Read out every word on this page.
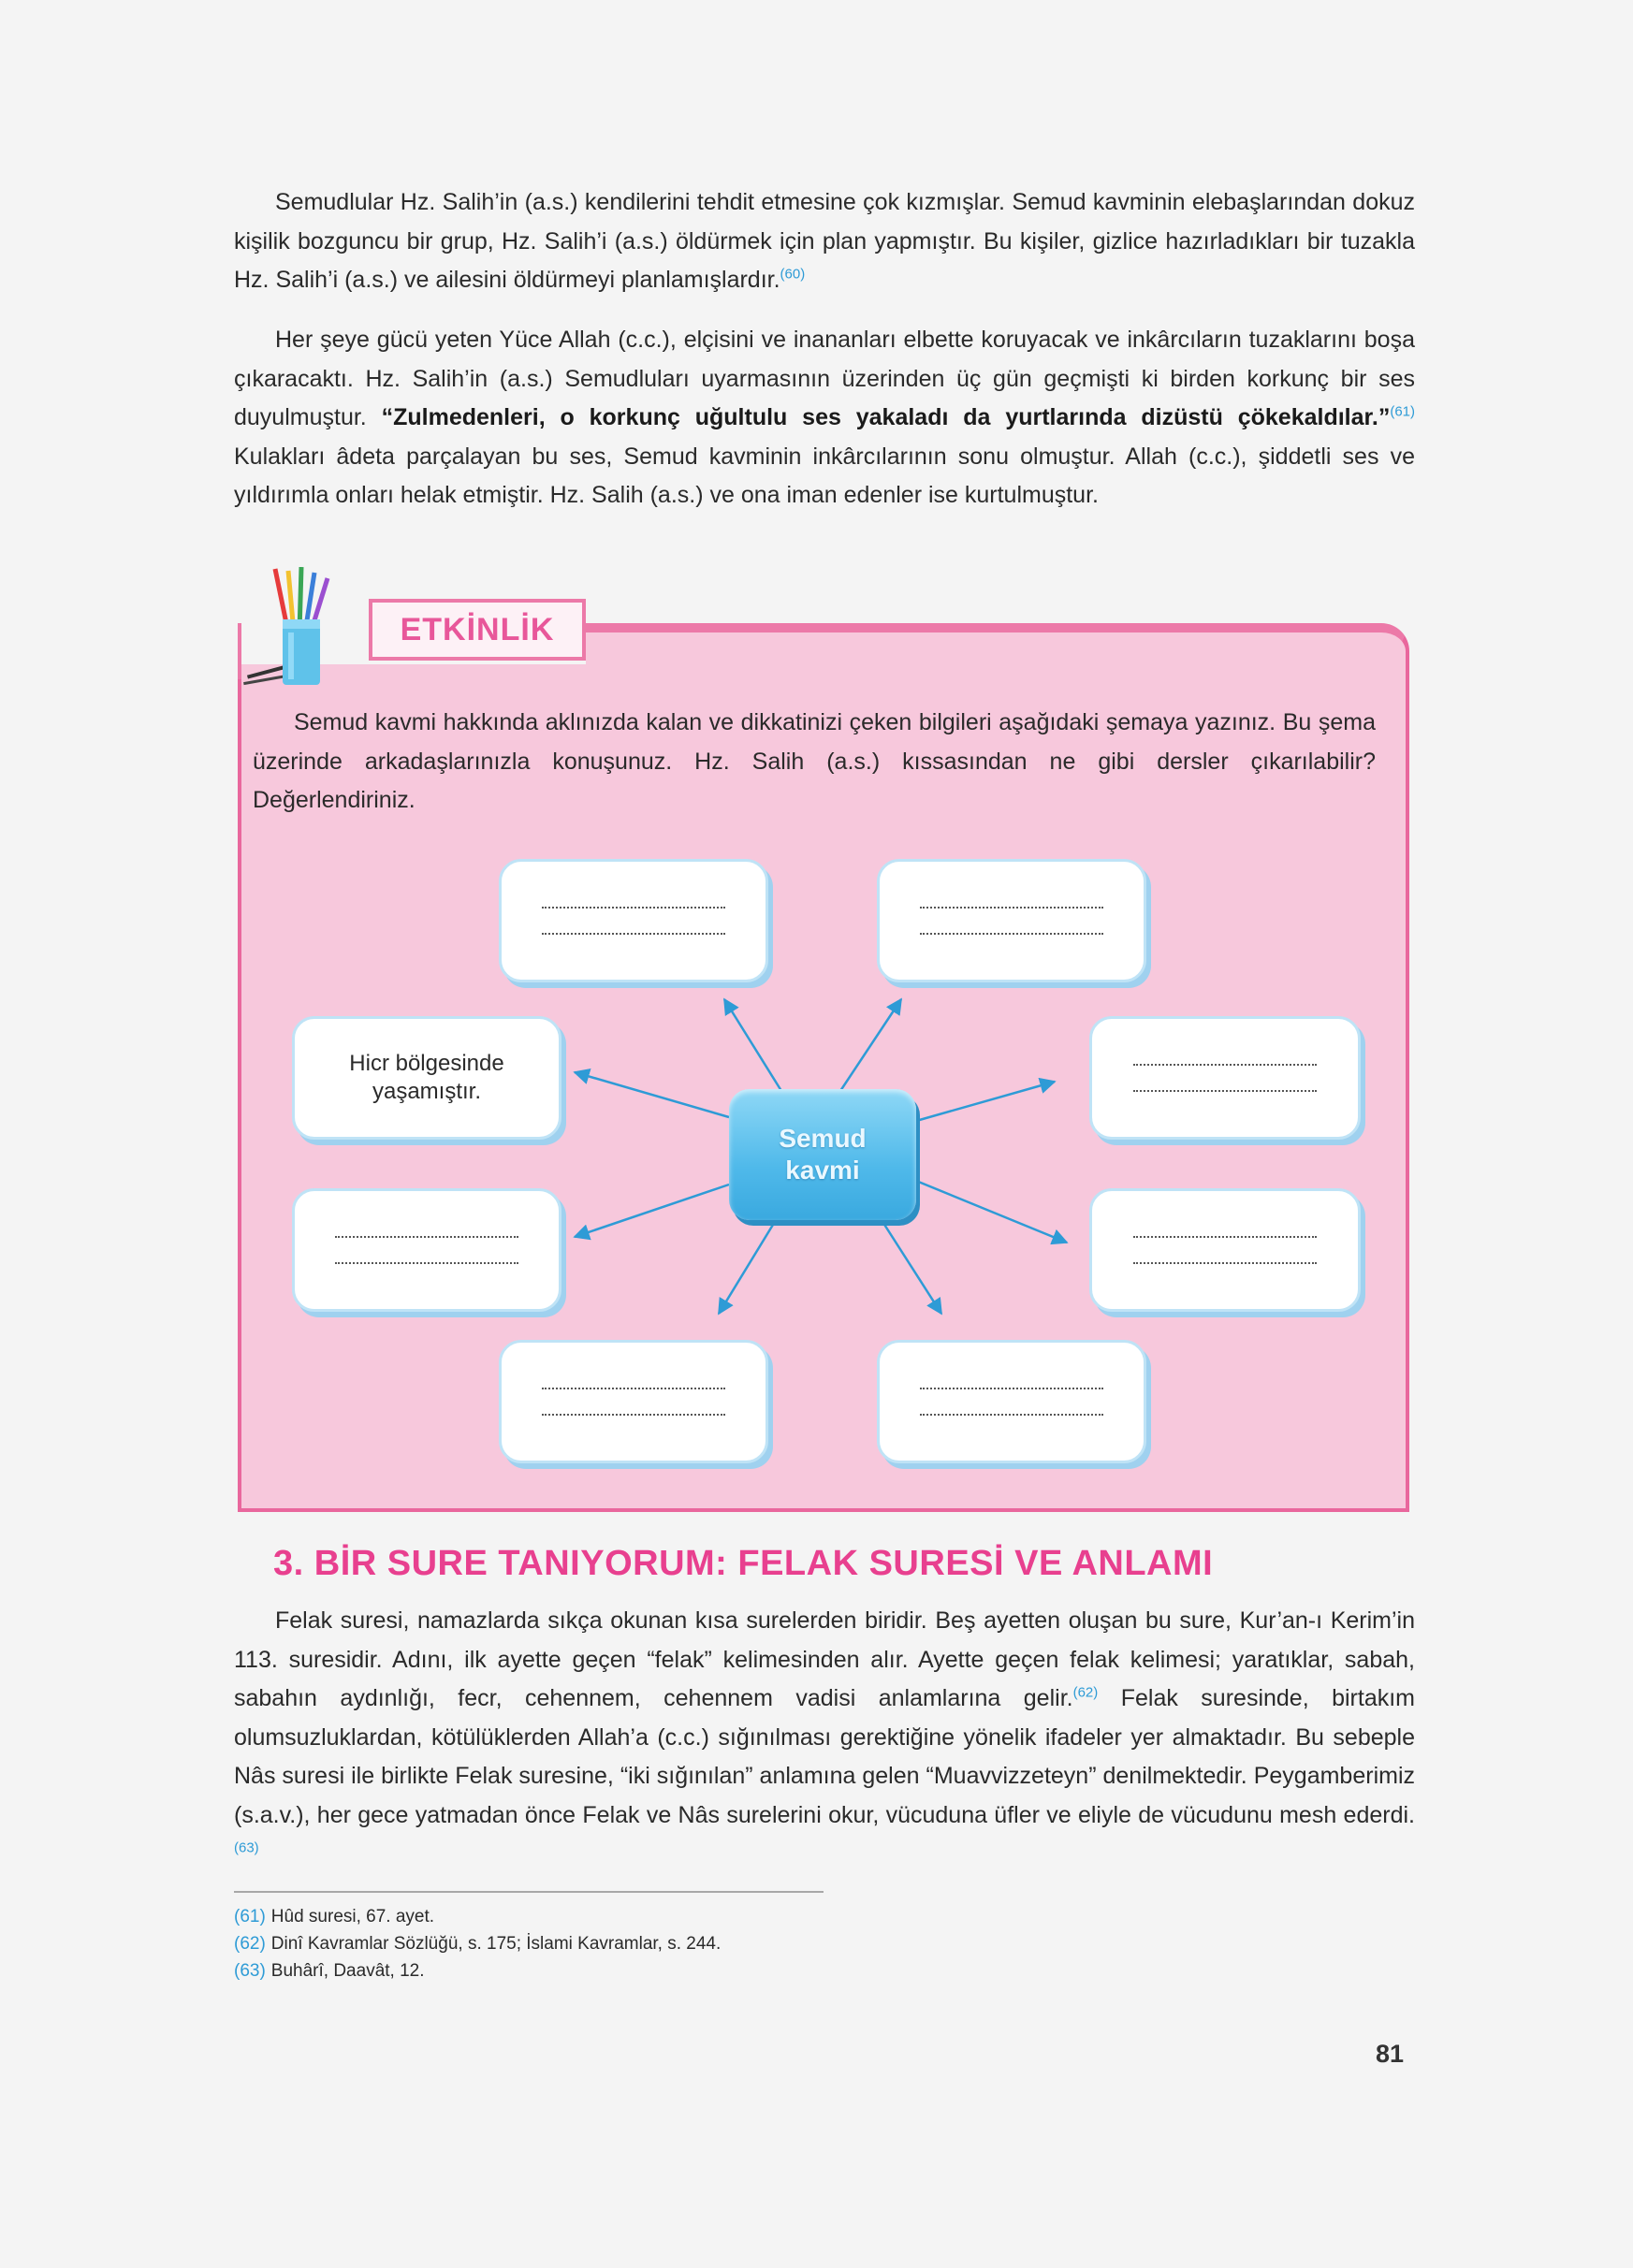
Semudlular Hz. Salih’in (a.s.) kendilerini tehdit etmesine çok kızmışlar. Semud kavminin elebaşlarından dokuz kişilik bozguncu bir grup, Hz. Salih’i (a.s.) öldürmek için plan yapmıştır. Bu kişiler, gizlice hazırladıkları bir tuzakla Hz. Salih’i (a.s.) ve ailesini öldürmeyi planlamışlardır.$^{(60)}$

Her şeye gücü yeten Yüce Allah (c.c.), elçisini ve inananları elbette koruyacak ve inkârcıların tuzaklarını boşa çıkaracaktı. Hz. Salih’in (a.s.) Semudluları uyarmasının üzerinden üç gün geçmişti ki birden korkunç bir ses duyulmuştur. “Zulmedenleri, o korkunç uğultulu ses yakaladı da yurtlarında dizüstü çökekaldılar.”$^{(61)}$ Kulakları âdeta parçalayan bu ses, Semud kavminin inkârcılarının sonu olmuştur. Allah (c.c.), şiddetli ses ve yıldırımla onları helak etmiştir. Hz. Salih (a.s.) ve ona iman edenler ise kurtulmuştur.

ETKİNLİK

Semud kavmi hakkında aklınızda kalan ve dikkatinizi çeken bilgileri aşağıdaki şemaya yazınız. Bu şema üzerinde arkadaşlarınızla konuşunuz. Hz. Salih (a.s.) kıssasından ne gibi dersler çıkarılabilir? Değerlendiriniz.

Hicr bölgesinde
yaşamıştır.
Semud
kavmi
3. BİR SURE TANIYORUM: FELAK SURESİ VE ANLAMI

Felak suresi, namazlarda sıkça okunan kısa surelerden biridir. Beş ayetten oluşan bu sure, Kur’an-ı Kerim’in 113. suresidir. Adını, ilk ayette geçen “felak” kelimesinden alır. Ayette geçen felak kelimesi; yaratıklar, sabah, sabahın aydınlığı, fecr, cehennem, cehennem vadisi anlamlarına gelir.$^{(62)}$ Felak suresinde, birtakım olumsuzluklardan, kötülüklerden Allah’a (c.c.) sığınılması gerektiğine yönelik ifadeler yer almaktadır. Bu sebeple Nâs suresi ile birlikte Felak suresine, “iki sığınılan” anlamına gelen “Muavvizzeteyn” denilmektedir. Peygamberimiz (s.a.v.), her gece yatmadan önce Felak ve Nâs surelerini okur, vücuduna üfler ve eliyle de vücudunu mesh ederdi.$^{(63)}$

(61) Hûd suresi, 67. ayet.
(62) Dinî Kavramlar Sözlüğü, s. 175; İslami Kavramlar, s. 244.
(63) Buhârî, Daavât, 12.
81
